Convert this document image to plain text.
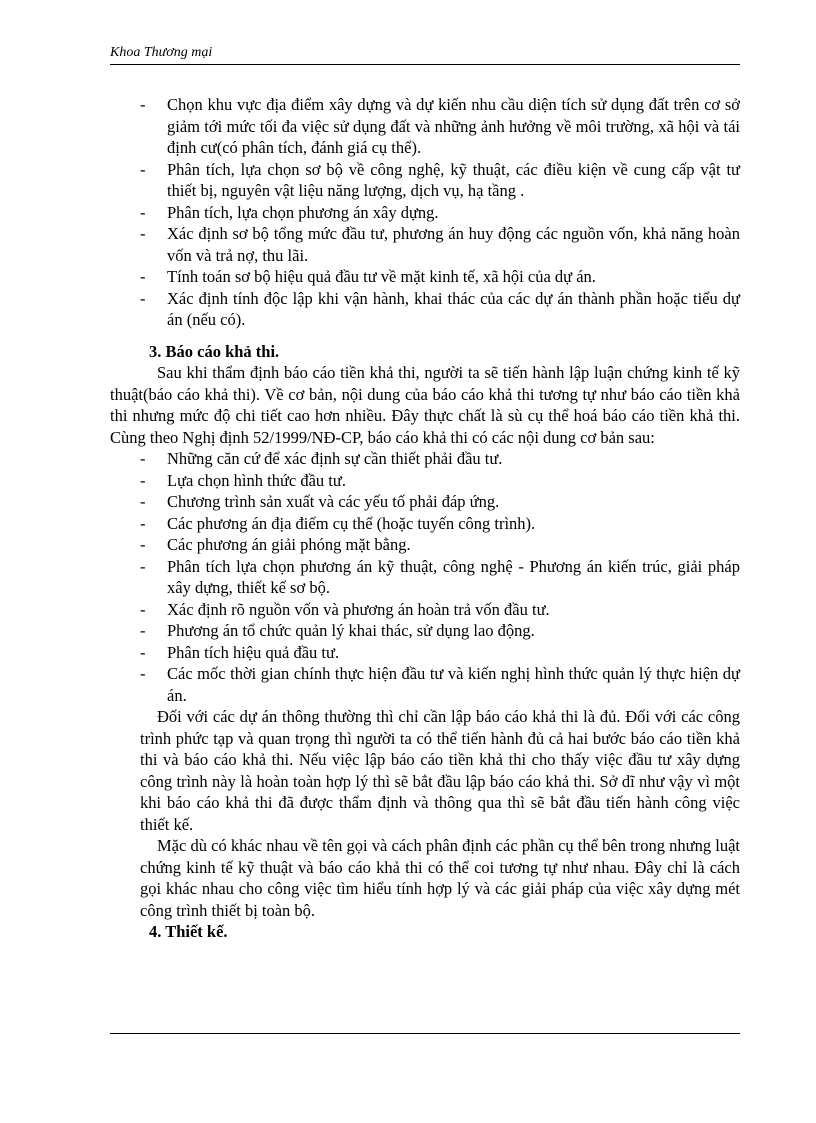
Khoa Thương mại
- Chọn khu vực địa điểm xây dựng và dự kiến nhu cầu diện tích sử dụng đất trên cơ sở giảm tới mức tối đa việc sử dụng đất và những ảnh hưởng về môi trường, xã hội và tái định cư(có phân tích, đánh giá cụ thể).
- Phân tích, lựa chọn sơ bộ về công nghệ, kỹ thuật, các điều kiện về cung cấp vật tư thiết bị, nguyên vật liệu năng lượng, dịch vụ, hạ tầng .
- Phân tích, lựa chọn phương án xây dựng.
- Xác định sơ bộ tổng mức đầu tư, phương án huy động các nguồn vốn, khả năng hoàn vốn và trả nợ, thu lãi.
- Tính toán sơ bộ hiệu quả đầu tư về mặt kinh tế, xã hội của dự án.
- Xác định tính độc lập khi vận hành, khai thác của các dự án thành phần hoặc tiểu dự án (nếu có).
3. Báo cáo khả thi.
Sau khi thẩm định báo cáo tiền khả thi, người ta sẽ tiến hành lập luận chứng kinh tế kỹ thuật(báo cáo khả thi). Về cơ bản, nội dung của báo cáo khả thi tương tự như báo cáo tiền khả thi nhưng mức độ chi tiết cao hơn nhiều. Đây thực chất là sù cụ thể hoá báo cáo tiền khả thi. Cùng theo Nghị định 52/1999/NĐ-CP, báo cáo khả thi có các nội dung cơ bản sau:
- Những căn cứ để xác định sự cần thiết phải đầu tư.
- Lựa chọn hình thức đầu tư.
- Chương trình sản xuất và các yếu tố phải đáp ứng.
- Các phương án địa điểm cụ thể (hoặc tuyến công trình).
- Các phương án giải phóng mặt bằng.
- Phân tích lựa chọn phương án kỹ thuật, công nghệ - Phương án kiến trúc, giải pháp xây dựng, thiết kế sơ bộ.
- Xác định rõ nguồn vốn và phương án hoàn trả vốn đầu tư.
- Phương án tổ chức quản lý khai thác, sử dụng lao động.
- Phân tích hiệu quả đầu tư.
- Các mốc thời gian chính thực hiện đầu tư và kiến nghị hình thức quản lý thực hiện dự án.
Đối với các dự án thông thường thì chỉ cần lập báo cáo khả thi là đủ. Đối với các công trình phức tạp và quan trọng thì người ta có thể tiến hành đủ cả hai bước báo cáo tiền khả thi và báo cáo khả thi. Nếu việc lập báo cáo tiền khả thi cho thấy việc đầu tư xây dựng công trình này là hoàn toàn hợp lý thì sẽ bắt đầu lập báo cáo khả thi. Sở dĩ như vậy vì một khi báo cáo khả thi đã được thẩm định và thông qua thì sẽ bắt đầu tiến hành công việc thiết kế.
Mặc dù có khác nhau về tên gọi và cách phân định các phần cụ thể bên trong nhưng luật chứng kinh tế kỹ thuật và báo cáo khả thi có thể coi tương tự như nhau. Đây chỉ là cách gọi khác nhau cho công việc tìm hiểu tính hợp lý và các giải pháp của việc xây dựng mét công trình thiết bị toàn bộ.
4. Thiết kế.
